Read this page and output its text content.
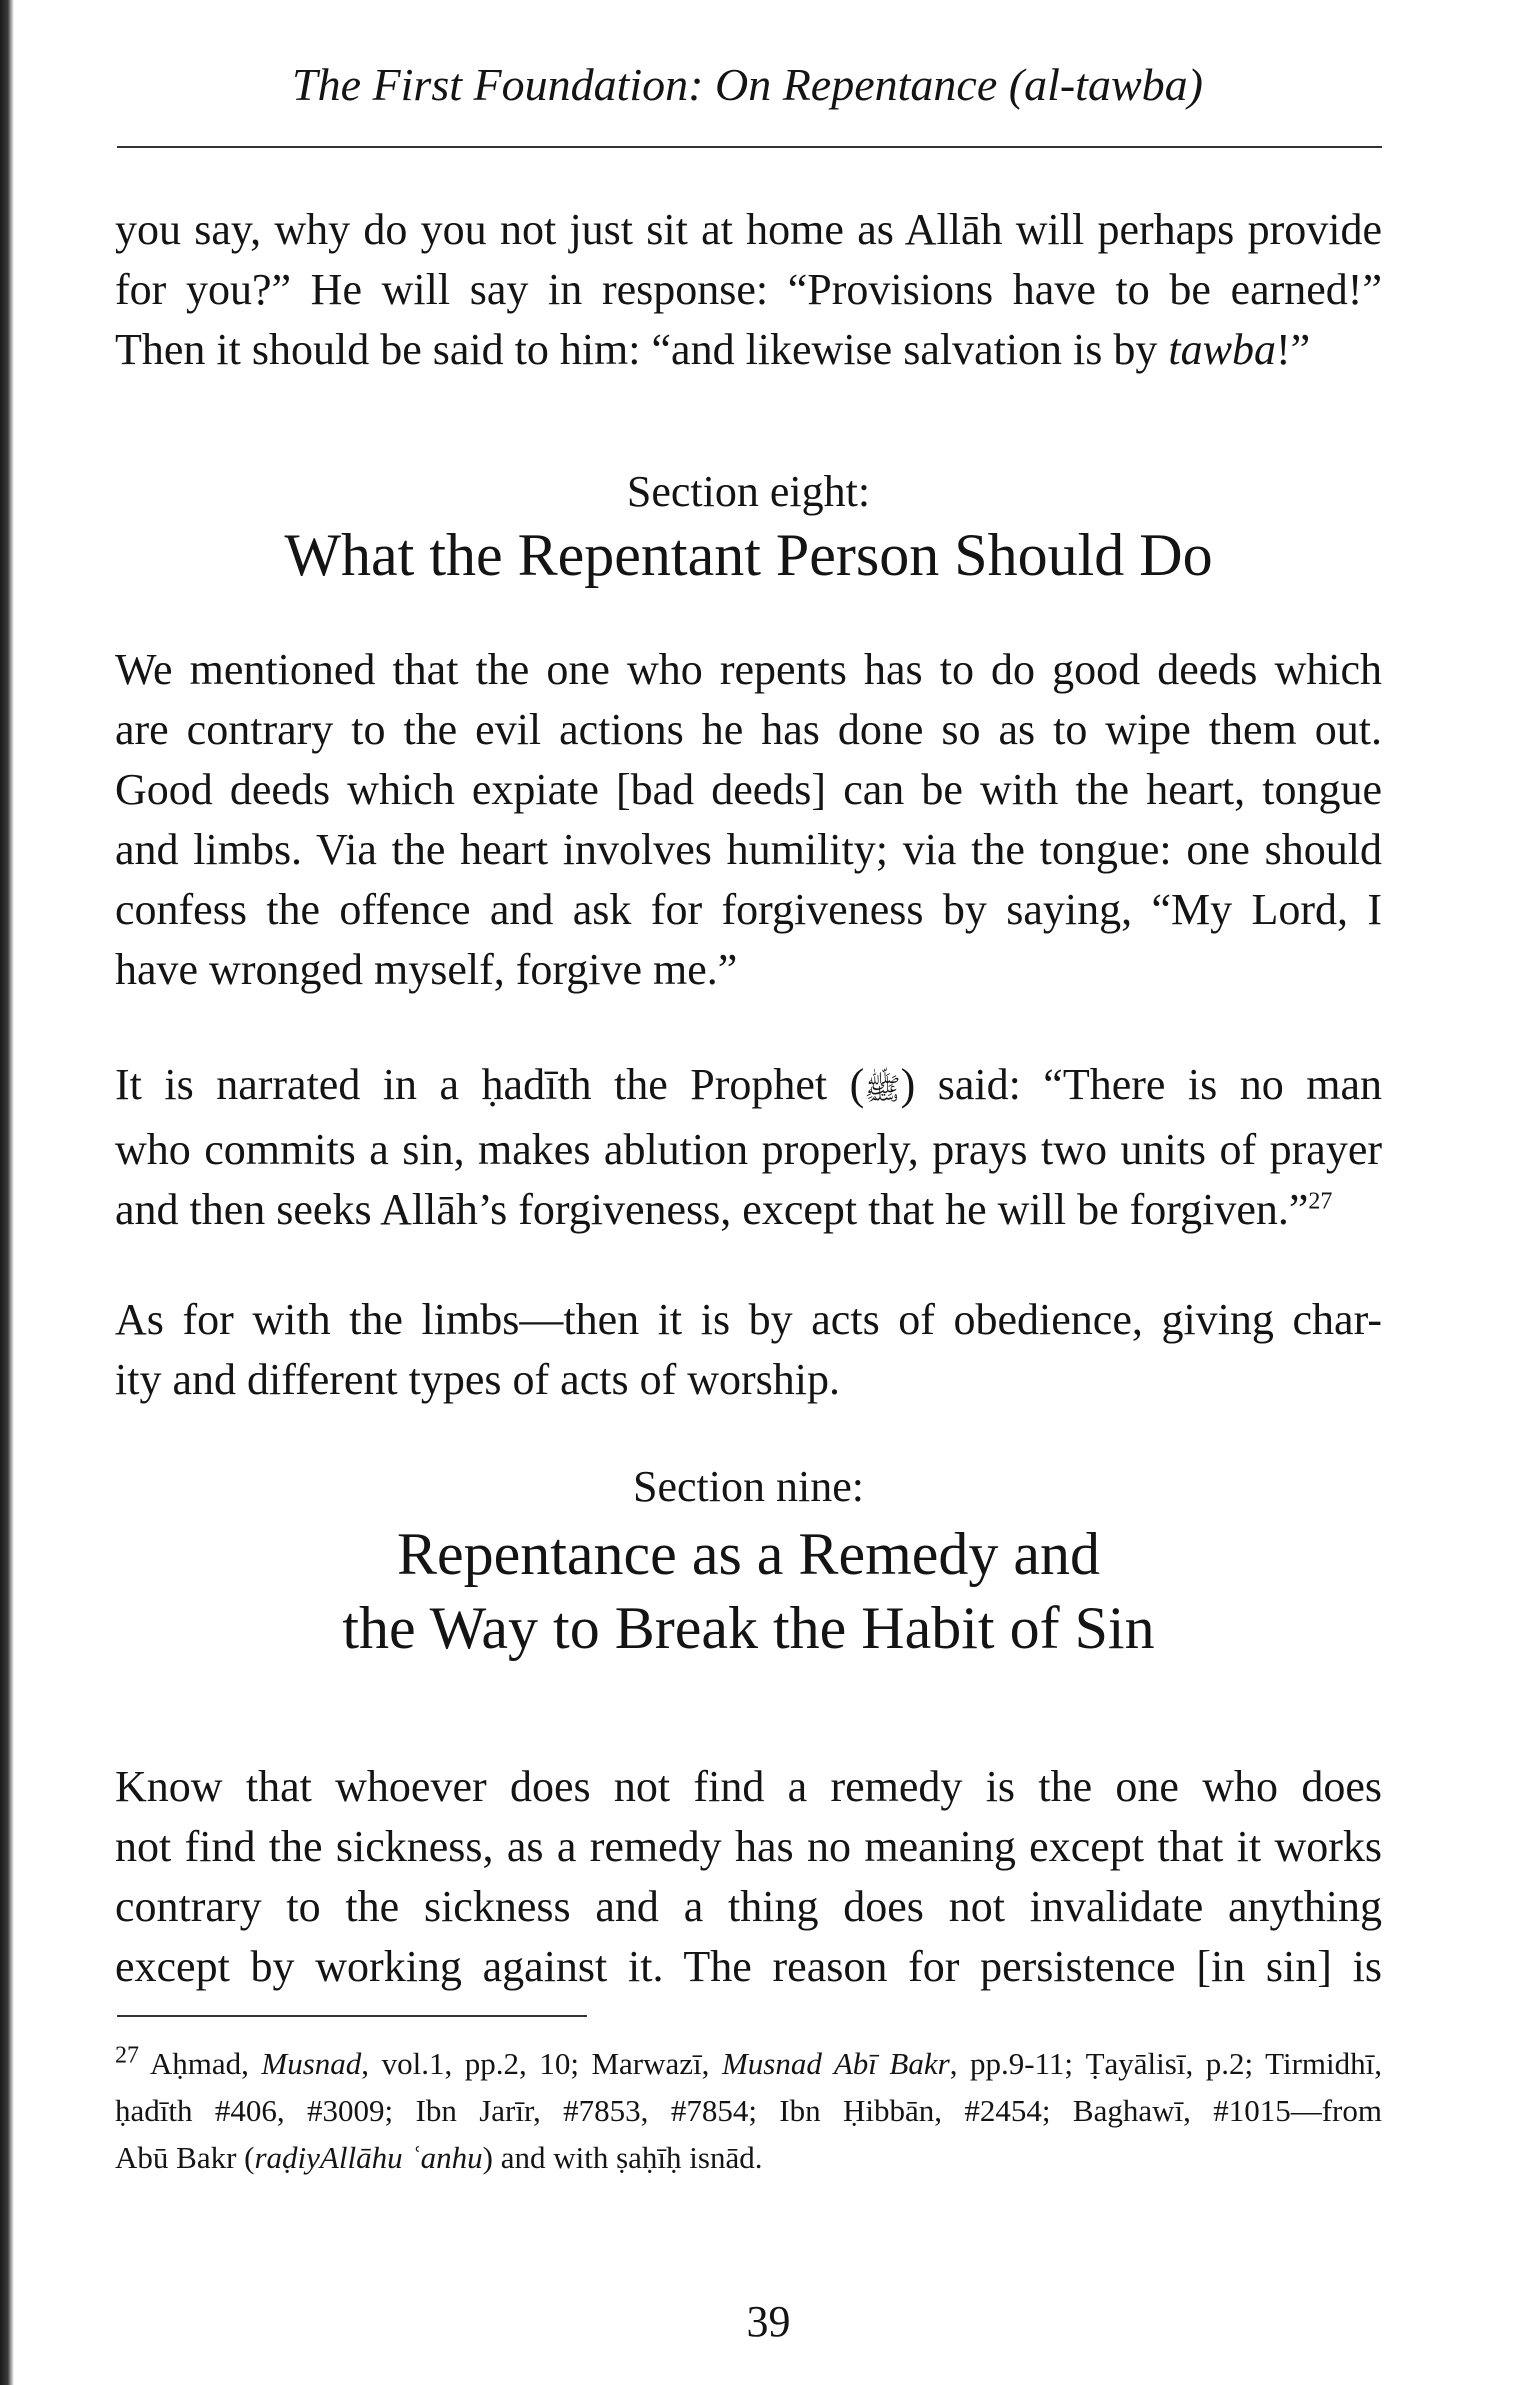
The First Foundation: On Repentance (al-tawba)

you say, why do you not just sit at home as Allāh will perhaps provide
for you?” He will say in response: “Provisions have to be earned!”
Then it should be said to him: “and likewise salvation is by tawba!”

Section eight:
What the Repentant Person Should Do

We mentioned that the one who repents has to do good deeds which
are contrary to the evil actions he has done so as to wipe them out.
Good deeds which expiate [bad deeds] can be with the heart, tongue
and limbs. Via the heart involves humility; via the tongue: one should
confess the offence and ask for forgiveness by saying, “My Lord, I
have wronged myself, forgive me.”

It is narrated in a ḥadīth the Prophet (ﷺ) said: “There is no man
who commits a sin, makes ablution properly, prays two units of prayer
and then seeks Allāh’s forgiveness, except that he will be forgiven.”$^{27}$

As for with the limbs—then it is by acts of obedience, giving char-
ity and different types of acts of worship.

Section nine:
Repentance as a Remedy and
the Way to Break the Habit of Sin

Know that whoever does not find a remedy is the one who does
not find the sickness, as a remedy has no meaning except that it works
contrary to the sickness and a thing does not invalidate anything
except by working against it. The reason for persistence [in sin] is

$^{27}$ Aḥmad, Musnad, vol.1, pp.2, 10; Marwazī, Musnad Abī Bakr, pp.9-11; Ṭayālisī, p.2; Tirmidhī,
ḥadīth #406, #3009; Ibn Jarīr, #7853, #7854; Ibn Ḥibbān, #2454; Baghawī, #1015—from
Abū Bakr (raḍiyAllāhu ʿanhu) and with ṣaḥīḥ isnād.

39
